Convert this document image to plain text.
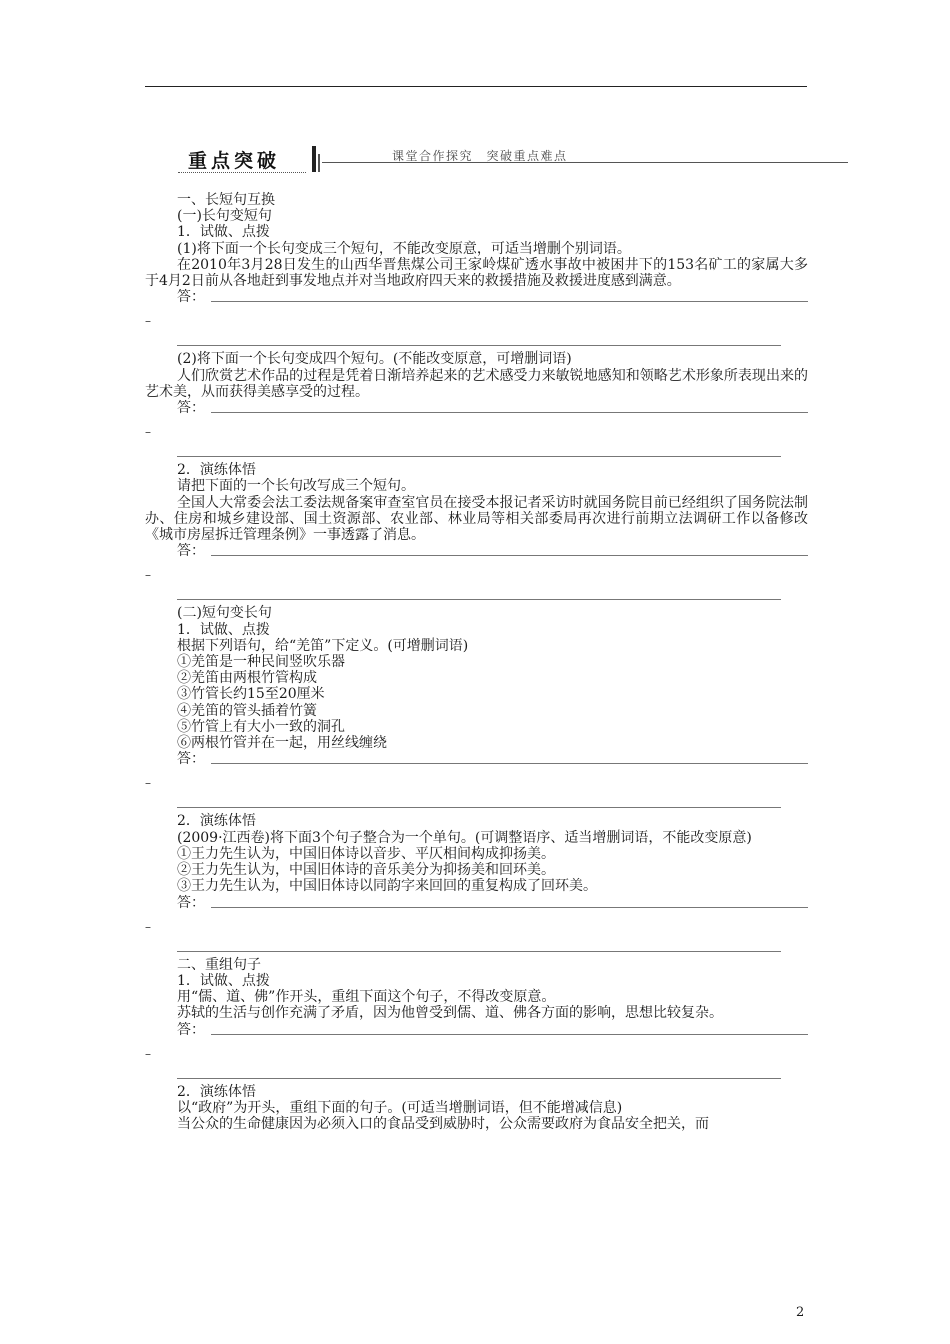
重点突破	课堂合作探究　突破重点难点
一、长短句互换
(一)长句变短句
1．试做、点拨
(1)将下面一个长句变成三个短句，不能改变原意，可适当增删个别词语。
在2010年3月28日发生的山西华晋焦煤公司王家岭煤矿透水事故中被困井下的153名矿工的家属大多于4月2日前从各地赶到事发地点并对当地政府四天来的救援措施及救援进度感到满意。
答：
–
(2)将下面一个长句变成四个短句。(不能改变原意，可增删词语)
人们欣赏艺术作品的过程是凭着日渐培养起来的艺术感受力来敏锐地感知和领略艺术形象所表现出来的艺术美，从而获得美感享受的过程。
答：
–
2．演练体悟
请把下面的一个长句改写成三个短句。
全国人大常委会法工委法规备案审查室官员在接受本报记者采访时就国务院目前已经组织了国务院法制办、住房和城乡建设部、国土资源部、农业部、林业局等相关部委局再次进行前期立法调研工作以备修改《城市房屋拆迁管理条例》一事透露了消息。
答：
–
(二)短句变长句
1．试做、点拨
根据下列语句，给“羌笛”下定义。(可增删词语)
①羌笛是一种民间竖吹乐器
②羌笛由两根竹管构成
③竹管长约15至20厘米
④羌笛的管头插着竹簧
⑤竹管上有大小一致的洞孔
⑥两根竹管并在一起，用丝线缠绕
答：
–
2．演练体悟
(2009·江西卷)将下面3个句子整合为一个单句。(可调整语序、适当增删词语，不能改变原意)
①王力先生认为，中国旧体诗以音步、平仄相间构成抑扬美。
②王力先生认为，中国旧体诗的音乐美分为抑扬美和回环美。
③王力先生认为，中国旧体诗以同韵字来回回的重复构成了回环美。
答：
–
二、重组句子
1．试做、点拨
用“儒、道、佛”作开头，重组下面这个句子，不得改变原意。
苏轼的生活与创作充满了矛盾，因为他曾受到儒、道、佛各方面的影响，思想比较复杂。
答：
–
2．演练体悟
以“政府”为开头，重组下面的句子。(可适当增删词语，但不能增减信息)
当公众的生命健康因为必须入口的食品受到威胁时，公众需要政府为食品安全把关，而
2
